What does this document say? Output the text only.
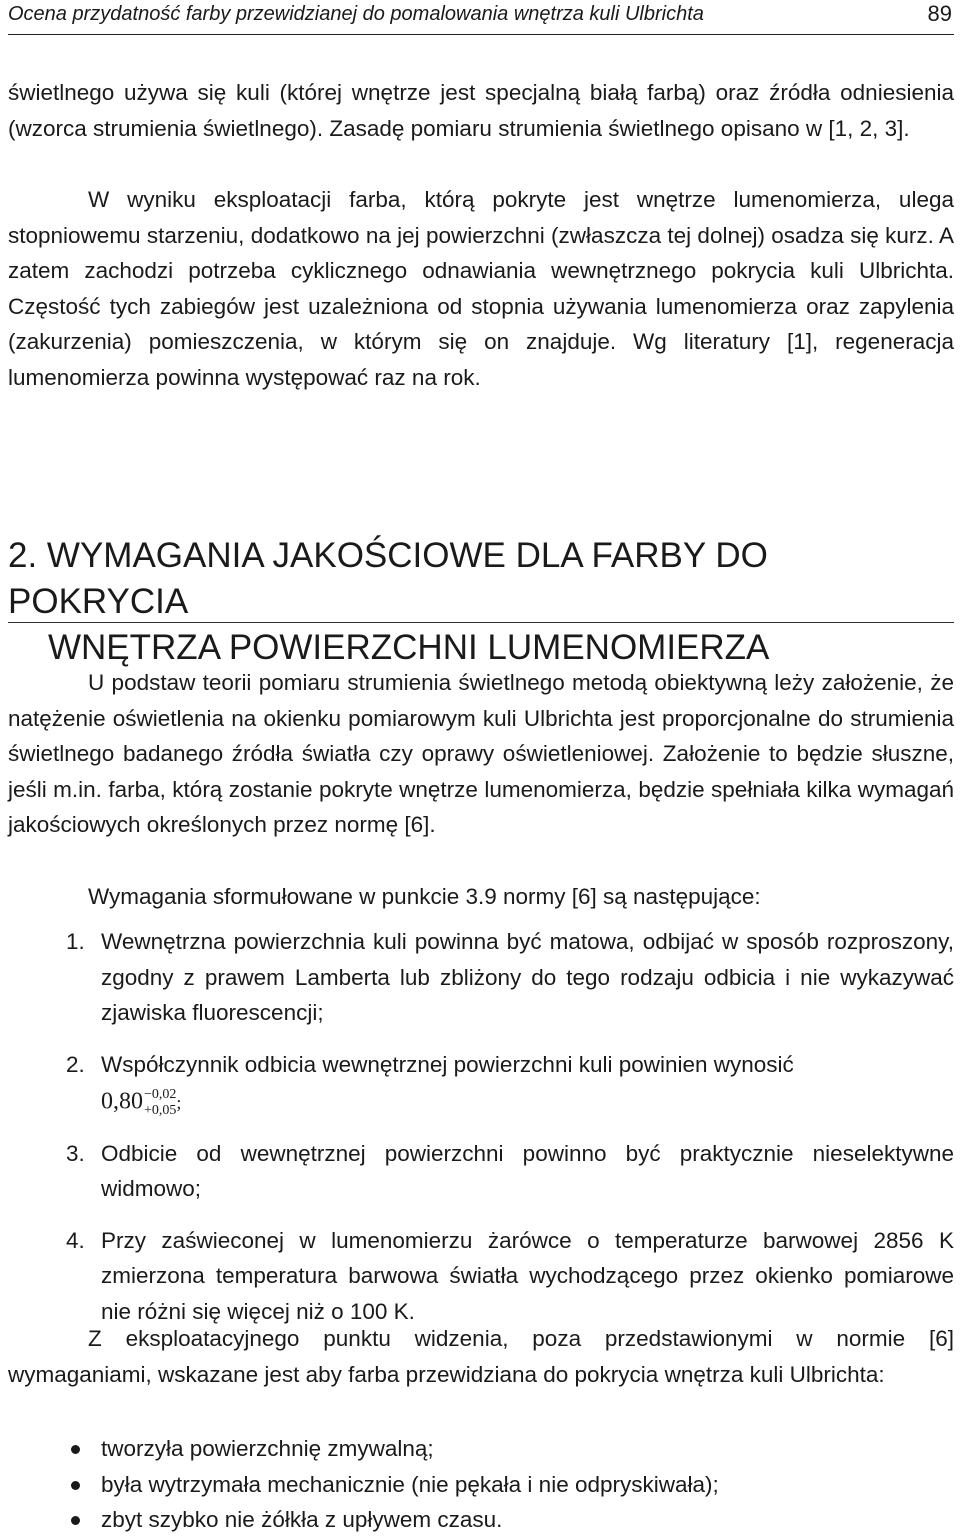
Ocena przydatność farby przewidzianej do pomalowania wnętrza kuli Ulbrichta	89
świetlnego używa się kuli (której wnętrze jest specjalną białą farbą) oraz źródła odniesienia (wzorca strumienia świetlnego). Zasadę pomiaru strumienia świetlnego opisano w [1, 2, 3].
W wyniku eksploatacji farba, którą pokryte jest wnętrze lumenomierza, ulega stopniowemu starzeniu, dodatkowo na jej powierzchni (zwłaszcza tej dolnej) osadza się kurz. A zatem zachodzi potrzeba cyklicznego odnawiania wewnętrznego pokrycia kuli Ulbrichta. Częstość tych zabiegów jest uzależniona od stopnia używania lumenomierza oraz zapylenia (zakurzenia) pomieszczenia, w którym się on znajduje. Wg literatury [1], regeneracja lumenomierza powinna występować raz na rok.
2. WYMAGANIA JAKOŚCIOWE DLA FARBY DO POKRYCIA
WNĘTRZA POWIERZCHNI LUMENOMIERZA
U podstaw teorii pomiaru strumienia świetlnego metodą obiektywną leży założenie, że natężenie oświetlenia na okienku pomiarowym kuli Ulbrichta jest proporcjonalne do strumienia świetlnego badanego źródła światła czy oprawy oświetleniowej. Założenie to będzie słuszne, jeśli m.in. farba, którą zostanie pokryte wnętrze lumenomierza, będzie spełniała kilka wymagań jakościowych określonych przez normę [6].
Wymagania sformułowane w punkcie 3.9 normy [6] są następujące:
1. Wewnętrzna powierzchnia kuli powinna być matowa, odbijać w sposób rozproszony, zgodny z prawem Lamberta lub zbliżony do tego rodzaju odbicia i nie wykazywać zjawiska fluorescencji;
2. Współczynnik odbicia wewnętrznej powierzchni kuli powinien wynosić
0,80 −0,02
+0,05 ;
3. Odbicie od wewnętrznej powierzchni powinno być praktycznie nieselektywne widmowo;
4. Przy zaświeconej w lumenomierzu żarówce o temperaturze barwowej 2856 K zmierzona temperatura barwowa światła wychodzącego przez okienko pomiarowe nie różni się więcej niż o 100 K.
Z eksploatacyjnego punktu widzenia, poza przedstawionymi w normie [6] wymaganiami, wskazane jest aby farba przewidziana do pokrycia wnętrza kuli Ulbrichta:
tworzyła powierzchnię zmywalną;
była wytrzymała mechanicznie (nie pękała i nie odpryskiwała);
zbyt szybko nie żółkła z upływem czasu.
